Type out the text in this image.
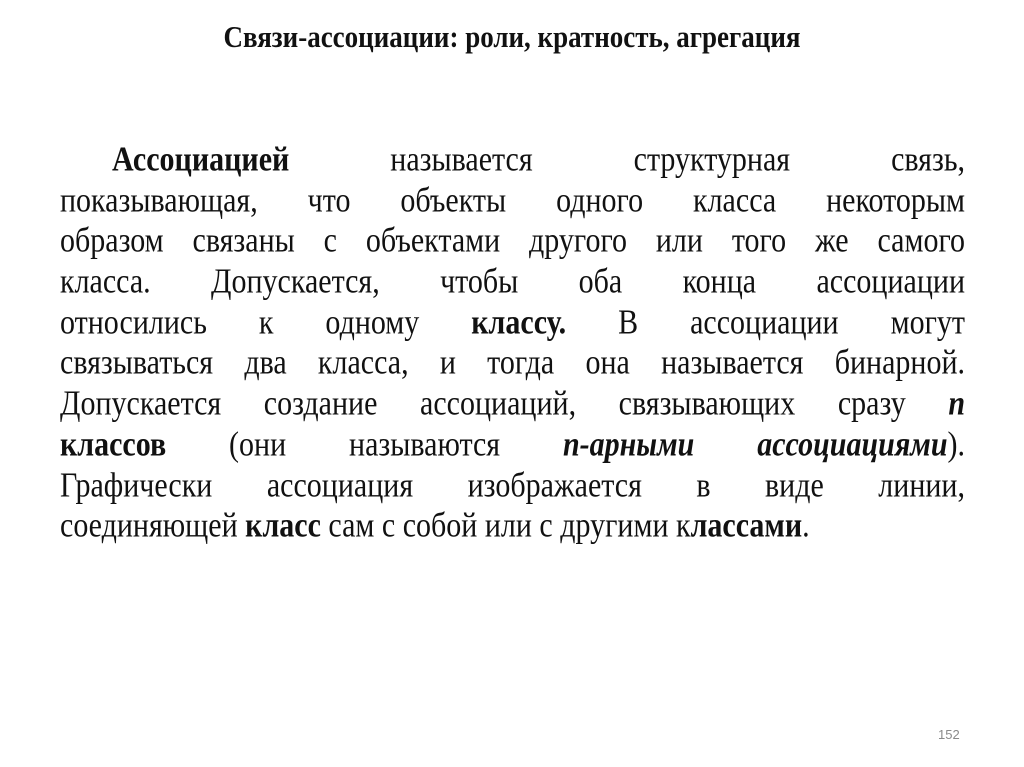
Связи-ассоциации: роли, кратность, агрегация
Ассоциацией называется структурная связь,
показывающая, что объекты одного класса некоторым
образом связаны с объектами другого или того же самого
класса. Допускается, чтобы оба конца ассоциации
относились к одному классу. В ассоциации могут
связываться два класса, и тогда она называется бинарной.
Допускается создание ассоциаций, связывающих сразу n
классов (они называются n-арными ассоциациями).
Графически ассоциация изображается в виде линии,
соединяющей класс сам с собой или с другими классами.
152
